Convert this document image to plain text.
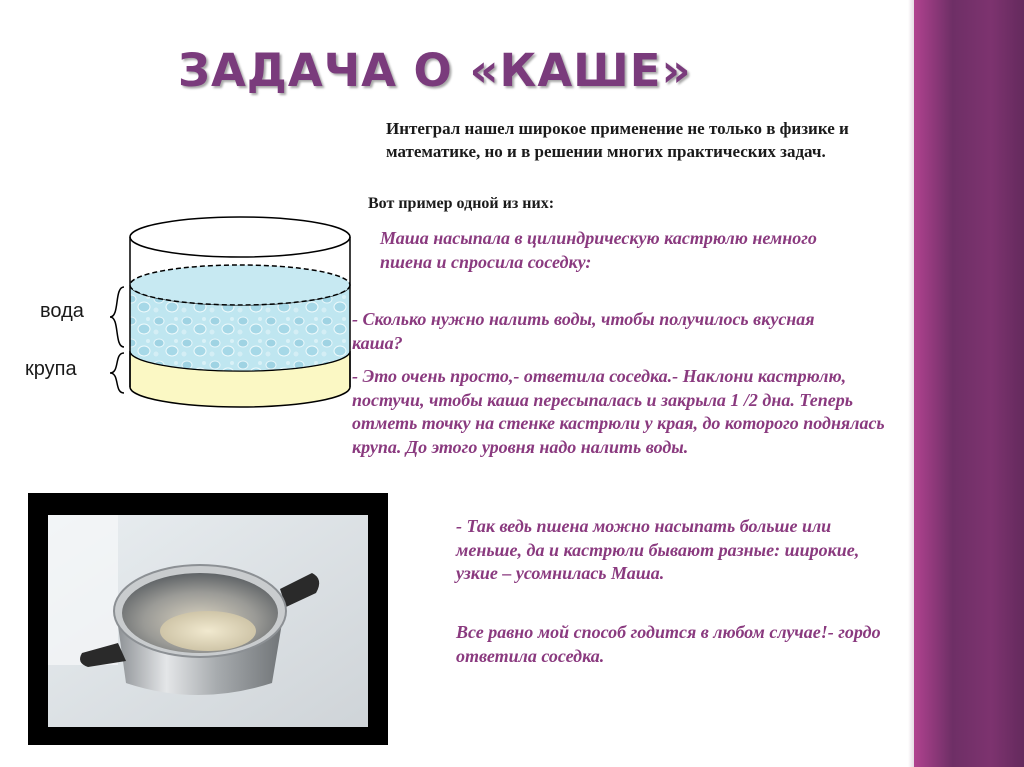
ЗАДАЧА О «КАШЕ»
Интеграл нашел широкое применение не только в физике и математике, но и в решении многих практических задач.
Вот пример одной из них:
Маша насыпала в цилиндрическую кастрюлю немного пшена и спросила соседку:
- Сколько нужно налить воды, чтобы получилось вкусная каша?
- Это очень просто,- ответила соседка.- Наклони кастрюлю, постучи, чтобы каша пересыпалась и закрыла 1 /2 дна. Теперь отметь точку на стенке кастрюли у края, до которого поднялась крупа. До этого уровня надо налить воды.
- Так ведь пшена можно насыпать больше или меньше, да и кастрюли бывают разные: широкие, узкие – усомнилась Маша.
Все равно мой способ годится в любом случае!- гордо ответила соседка.
вода
крупа
